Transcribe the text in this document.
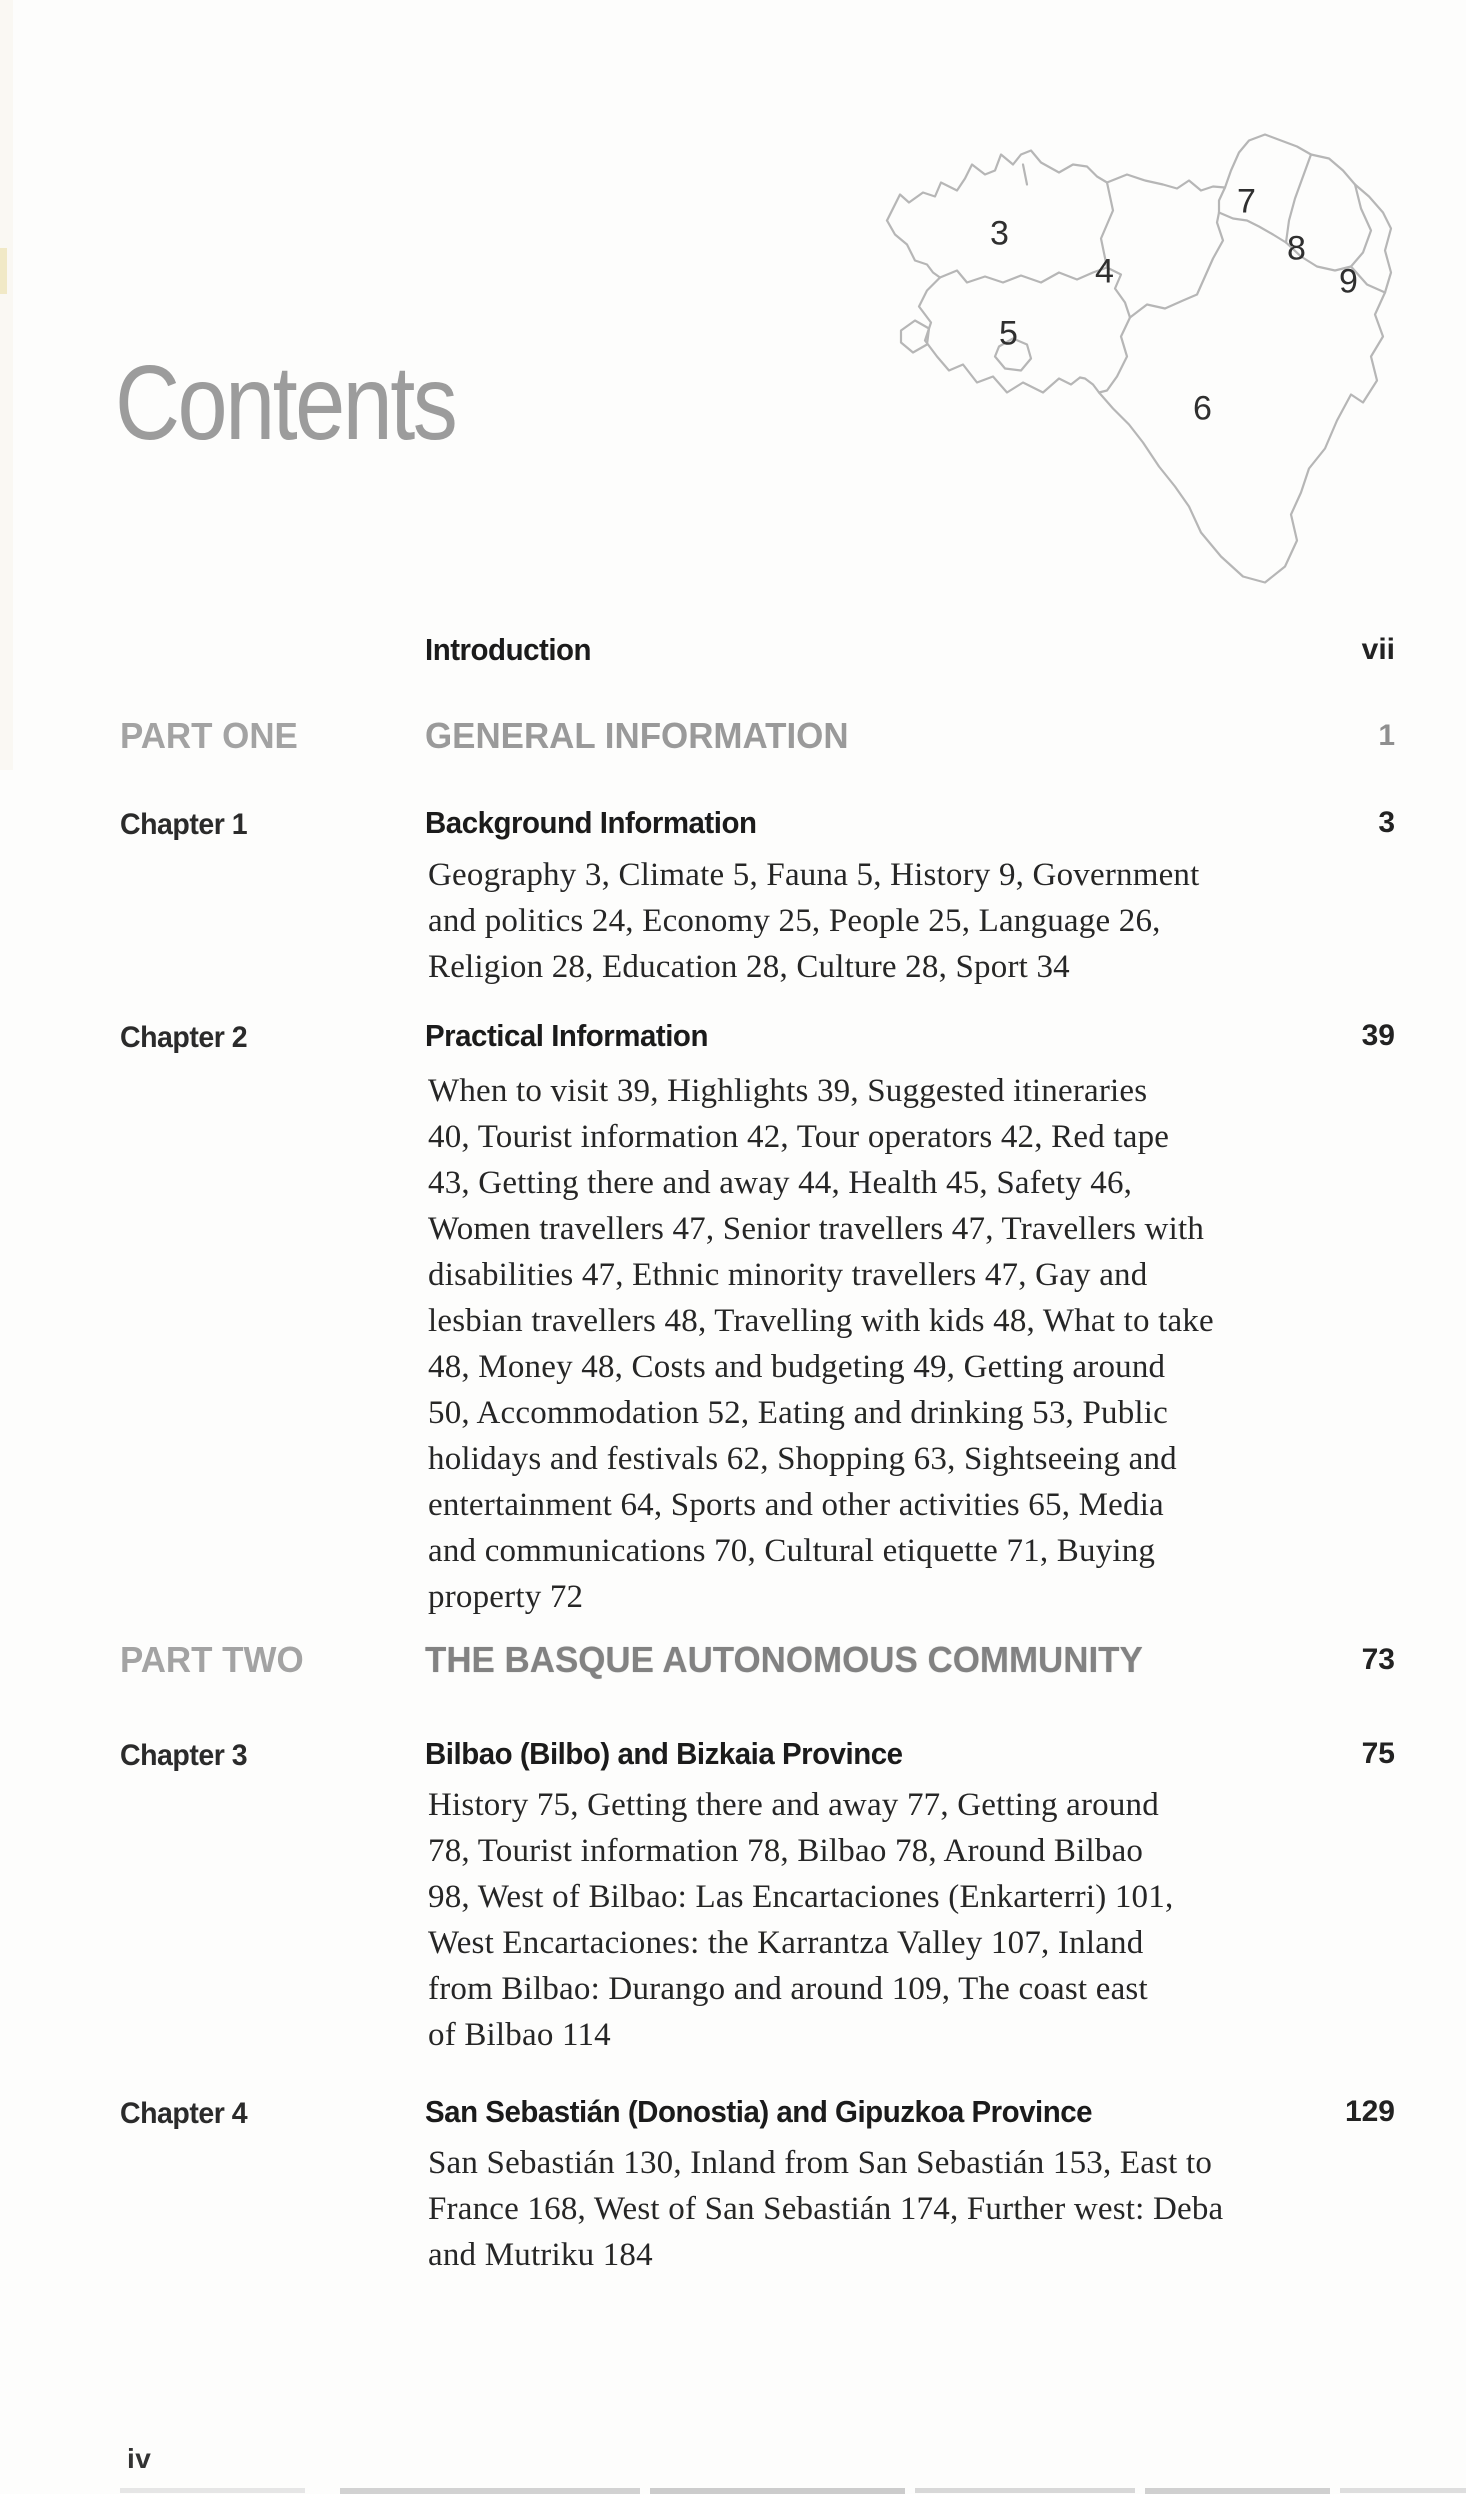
3
4
5
6
7
8
9
Contents
Introduction	vii
PART ONE	GENERAL INFORMATION	1
Chapter 1	Background Information	3
Geography 3, Climate 5, Fauna 5, History 9, Government
and politics 24, Economy 25, People 25, Language 26,
Religion 28, Education 28, Culture 28, Sport 34
Chapter 2	Practical Information	39
When to visit 39, Highlights 39, Suggested itineraries
40, Tourist information 42, Tour operators 42, Red tape
43, Getting there and away 44, Health 45, Safety 46,
Women travellers 47, Senior travellers 47, Travellers with
disabilities 47, Ethnic minority travellers 47, Gay and
lesbian travellers 48, Travelling with kids 48, What to take
48, Money 48, Costs and budgeting 49, Getting around
50, Accommodation 52, Eating and drinking 53, Public
holidays and festivals 62, Shopping 63, Sightseeing and
entertainment 64, Sports and other activities 65, Media
and communications 70, Cultural etiquette 71, Buying
property 72
PART TWO	THE BASQUE AUTONOMOUS COMMUNITY	73
Chapter 3	Bilbao (Bilbo) and Bizkaia Province	75
History 75, Getting there and away 77, Getting around
78, Tourist information 78, Bilbao 78, Around Bilbao
98, West of Bilbao: Las Encartaciones (Enkarterri) 101,
West Encartaciones: the Karrantza Valley 107, Inland
from Bilbao: Durango and around 109, The coast east
of Bilbao 114
Chapter 4	San Sebastián (Donostia) and Gipuzkoa Province	129
San Sebastián 130, Inland from San Sebastián 153, East to
France 168, West of San Sebastián 174, Further west: Deba
and Mutriku 184
iv
